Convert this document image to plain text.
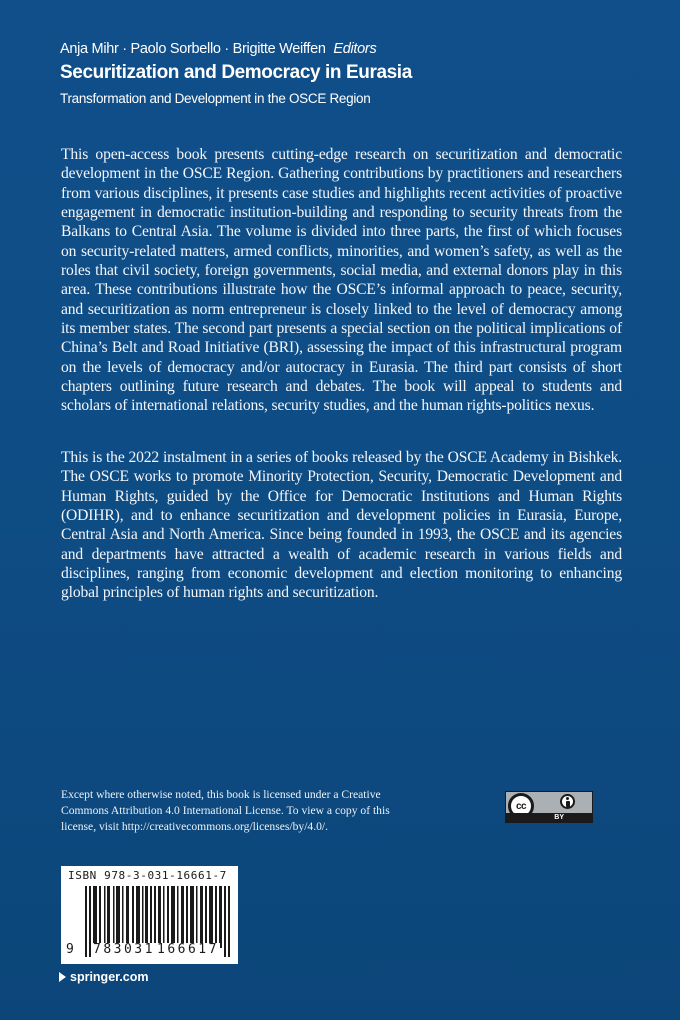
Anja Mihr · Paolo Sorbello · Brigitte Weiffen Editors
Securitization and Democracy in Eurasia
Transformation and Development in the OSCE Region
This open-access book presents cutting-edge research on securitization and democratic development in the OSCE Region. Gathering contributions by practitioners and researchers from various disciplines, it presents case studies and highlights recent activities of proactive engagement in democratic institution-building and responding to security threats from the Balkans to Central Asia. The volume is divided into three parts, the first of which focuses on security-related matters, armed conflicts, minorities, and women’s safety, as well as the roles that civil society, foreign governments, social media, and external donors play in this area. These contributions illustrate how the OSCE’s informal approach to peace, security, and securitization as norm entrepreneur is closely linked to the level of democracy among its member states. The second part presents a special section on the political implications of China’s Belt and Road Initiative (BRI), assessing the impact of this infrastructural program on the levels of democracy and/or autocracy in Eurasia. The third part consists of short chapters outlining future research and debates. The book will appeal to students and scholars of international relations, security studies, and the human rights-politics nexus.
This is the 2022 instalment in a series of books released by the OSCE Academy in Bishkek. The OSCE works to promote Minority Protection, Security, Democratic Development and Human Rights, guided by the Office for Democratic Institutions and Human Rights (ODIHR), and to enhance securitization and development policies in Eurasia, Europe, Central Asia and North America. Since being founded in 1993, the OSCE and its agencies and departments have attracted a wealth of academic research in various fields and disciplines, ranging from economic development and election monitoring to enhancing global principles of human rights and securitization.
Except where otherwise noted, this book is licensed under a Creative Commons Attribution 4.0 International License. To view a copy of this license, visit http://creativecommons.org/licenses/by/4.0/.
cc
BY
ISBN 978-3-031-16661-7
9 783031 166617
springer.com
